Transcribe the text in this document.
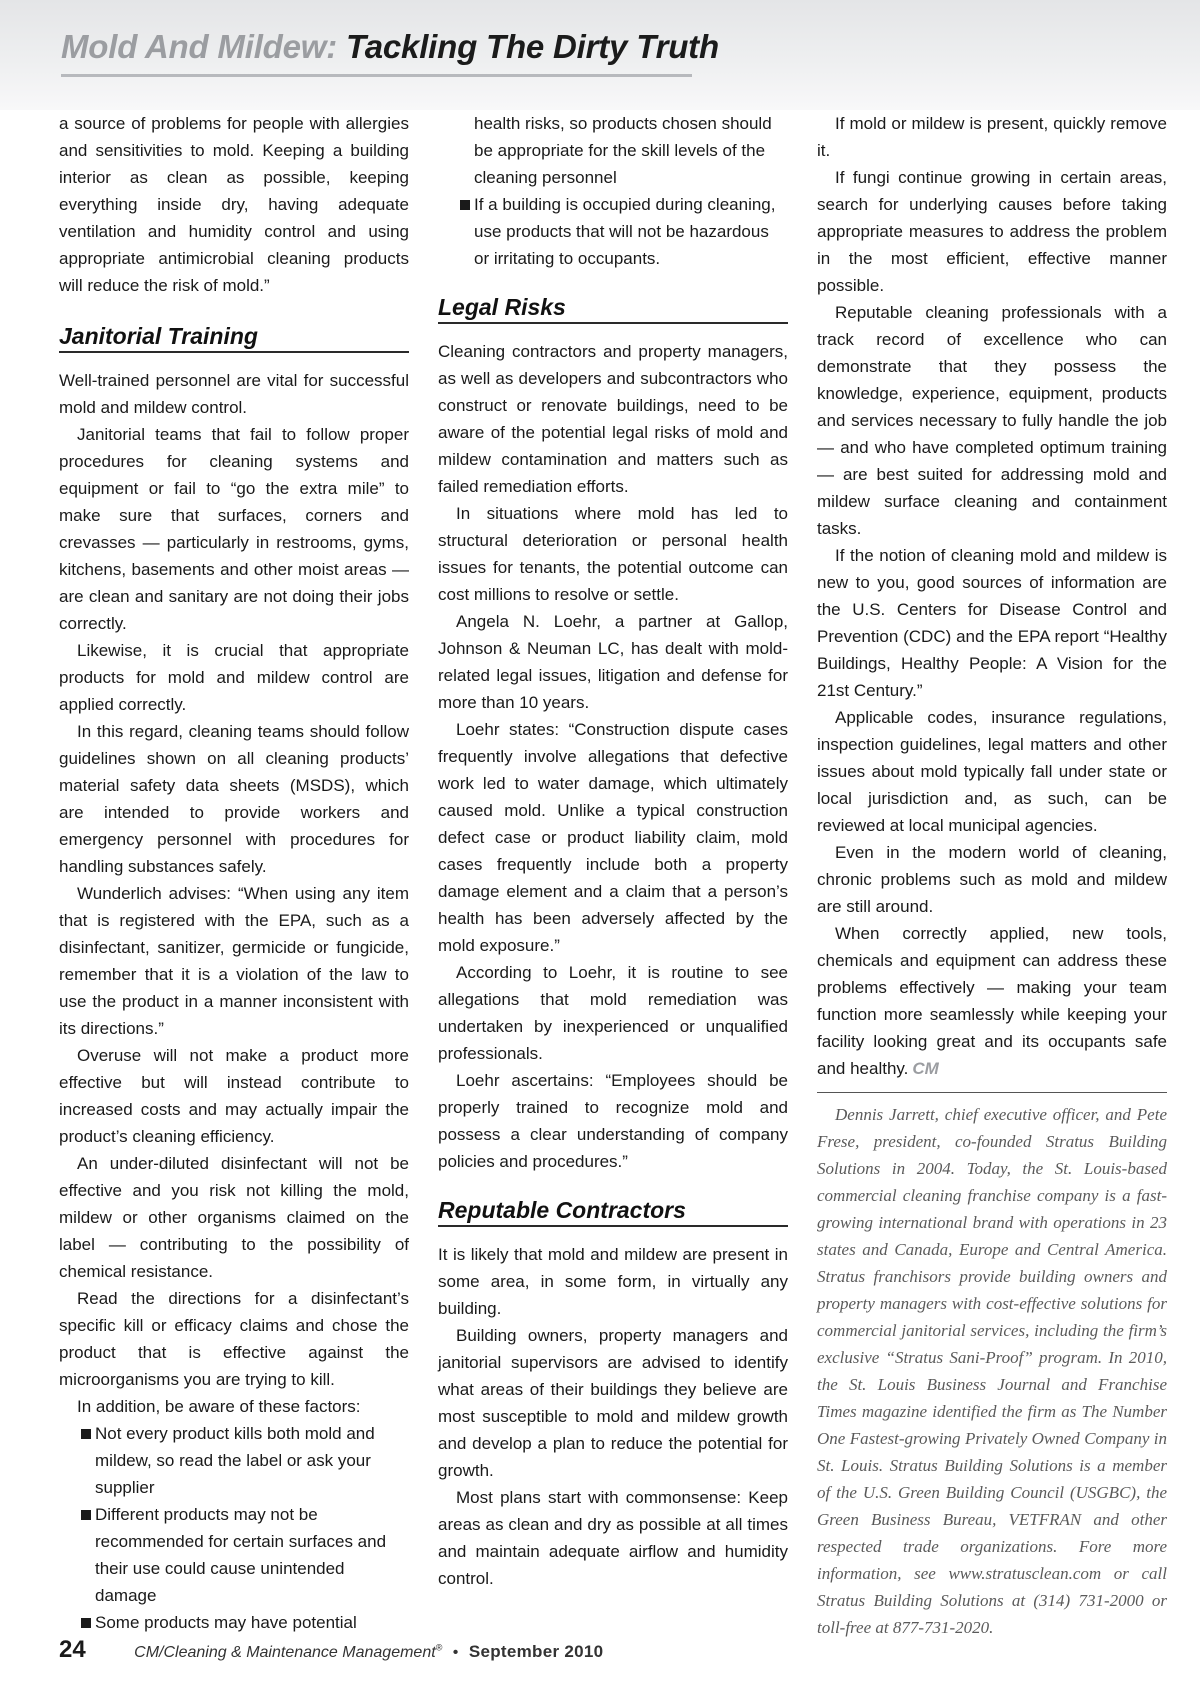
Mold And Mildew: Tackling The Dirty Truth

a source of problems for people with allergies and sensitivities to mold. Keeping a building interior as clean as possible, keeping everything inside dry, having adequate ventilation and humidity control and using appropriate antimicrobial cleaning products will reduce the risk of mold.”

Janitorial Training

Well-trained personnel are vital for successful mold and mildew control.

Janitorial teams that fail to follow proper procedures for cleaning systems and equipment or fail to “go the extra mile” to make sure that surfaces, corners and crevasses — particularly in restrooms, gyms, kitchens, basements and other moist areas — are clean and sanitary are not doing their jobs correctly.

Likewise, it is crucial that appropriate products for mold and mildew control are applied correctly.

In this regard, cleaning teams should follow guidelines shown on all cleaning products’ material safety data sheets (MSDS), which are intended to provide workers and emergency personnel with procedures for handling substances safely.

Wunderlich advises: “When using any item that is registered with the EPA, such as a disinfectant, sanitizer, germicide or fungicide, remember that it is a violation of the law to use the product in a manner inconsistent with its directions.”

Overuse will not make a product more effective but will instead contribute to increased costs and may actually impair the product’s cleaning efficiency.

An under-diluted disinfectant will not be effective and you risk not killing the mold, mildew or other organisms claimed on the label — contributing to the possibility of chemical resistance.

Read the directions for a disinfectant’s specific kill or efficacy claims and chose the product that is effective against the microorganisms you are trying to kill.

In addition, be aware of these factors:

Not every product kills both mold and mildew, so read the label or ask your supplier
Different products may not be recommended for certain surfaces and their use could cause unintended damage
Some products may have potential
health risks, so products chosen should be appropriate for the skill levels of the cleaning personnel
If a building is occupied during cleaning, use products that will not be hazardous or irritating to occupants.
Legal Risks

Cleaning contractors and property managers, as well as developers and subcontractors who construct or renovate buildings, need to be aware of the potential legal risks of mold and mildew contamination and matters such as failed remediation efforts.

In situations where mold has led to structural deterioration or personal health issues for tenants, the potential outcome can cost millions to resolve or settle.

Angela N. Loehr, a partner at Gallop, Johnson & Neuman LC, has dealt with mold-related legal issues, litigation and defense for more than 10 years.

Loehr states: “Construction dispute cases frequently involve allegations that defective work led to water damage, which ultimately caused mold. Unlike a typical construction defect case or product liability claim, mold cases frequently include both a property damage element and a claim that a person’s health has been adversely affected by the mold exposure.”

According to Loehr, it is routine to see allegations that mold remediation was undertaken by inexperienced or unqualified professionals.

Loehr ascertains: “Employees should be properly trained to recognize mold and possess a clear understanding of company policies and procedures.”

Reputable Contractors

It is likely that mold and mildew are present in some area, in some form, in virtually any building.

Building owners, property managers and janitorial supervisors are advised to identify what areas of their buildings they believe are most susceptible to mold and mildew growth and develop a plan to reduce the potential for growth.

Most plans start with commonsense: Keep areas as clean and dry as possible at all times and maintain adequate airflow and humidity control.

If mold or mildew is present, quickly remove it.

If fungi continue growing in certain areas, search for underlying causes before taking appropriate measures to address the problem in the most efficient, effective manner possible.

Reputable cleaning professionals with a track record of excellence who can demonstrate that they possess the knowledge, experience, equipment, products and services necessary to fully handle the job — and who have completed optimum training — are best suited for addressing mold and mildew surface cleaning and containment tasks.

If the notion of cleaning mold and mildew is new to you, good sources of information are the U.S. Centers for Disease Control and Prevention (CDC) and the EPA report “Healthy Buildings, Healthy People: A Vision for the 21st Century.”

Applicable codes, insurance regulations, inspection guidelines, legal matters and other issues about mold typically fall under state or local jurisdiction and, as such, can be reviewed at local municipal agencies.

Even in the modern world of cleaning, chronic problems such as mold and mildew are still around.

When correctly applied, new tools, chemicals and equipment can address these problems effectively — making your team function more seamlessly while keeping your facility looking great and its occupants safe and healthy. CM

Dennis Jarrett, chief executive officer, and Pete Frese, president, co-founded Stratus Building Solutions in 2004. Today, the St. Louis-based commercial cleaning franchise company is a fast-growing international brand with operations in 23 states and Canada, Europe and Central America. Stratus franchisors provide building owners and property managers with cost-effective solutions for commercial janitorial services, including the firm’s exclusive “Stratus Sani-Proof” program. In 2010, the St. Louis Business Journal and Franchise Times magazine identified the firm as The Number One Fastest-growing Privately Owned Company in St. Louis. Stratus Building Solutions is a member of the U.S. Green Building Council (USGBC), the Green Business Bureau, VETFRAN and other respected trade organizations. Fore more information, see www.stratusclean.com or call Stratus Building Solutions at (314) 731-2000 or toll-free at 877-731-2020.

24	CM/Cleaning & Maintenance Management® • September 2010
